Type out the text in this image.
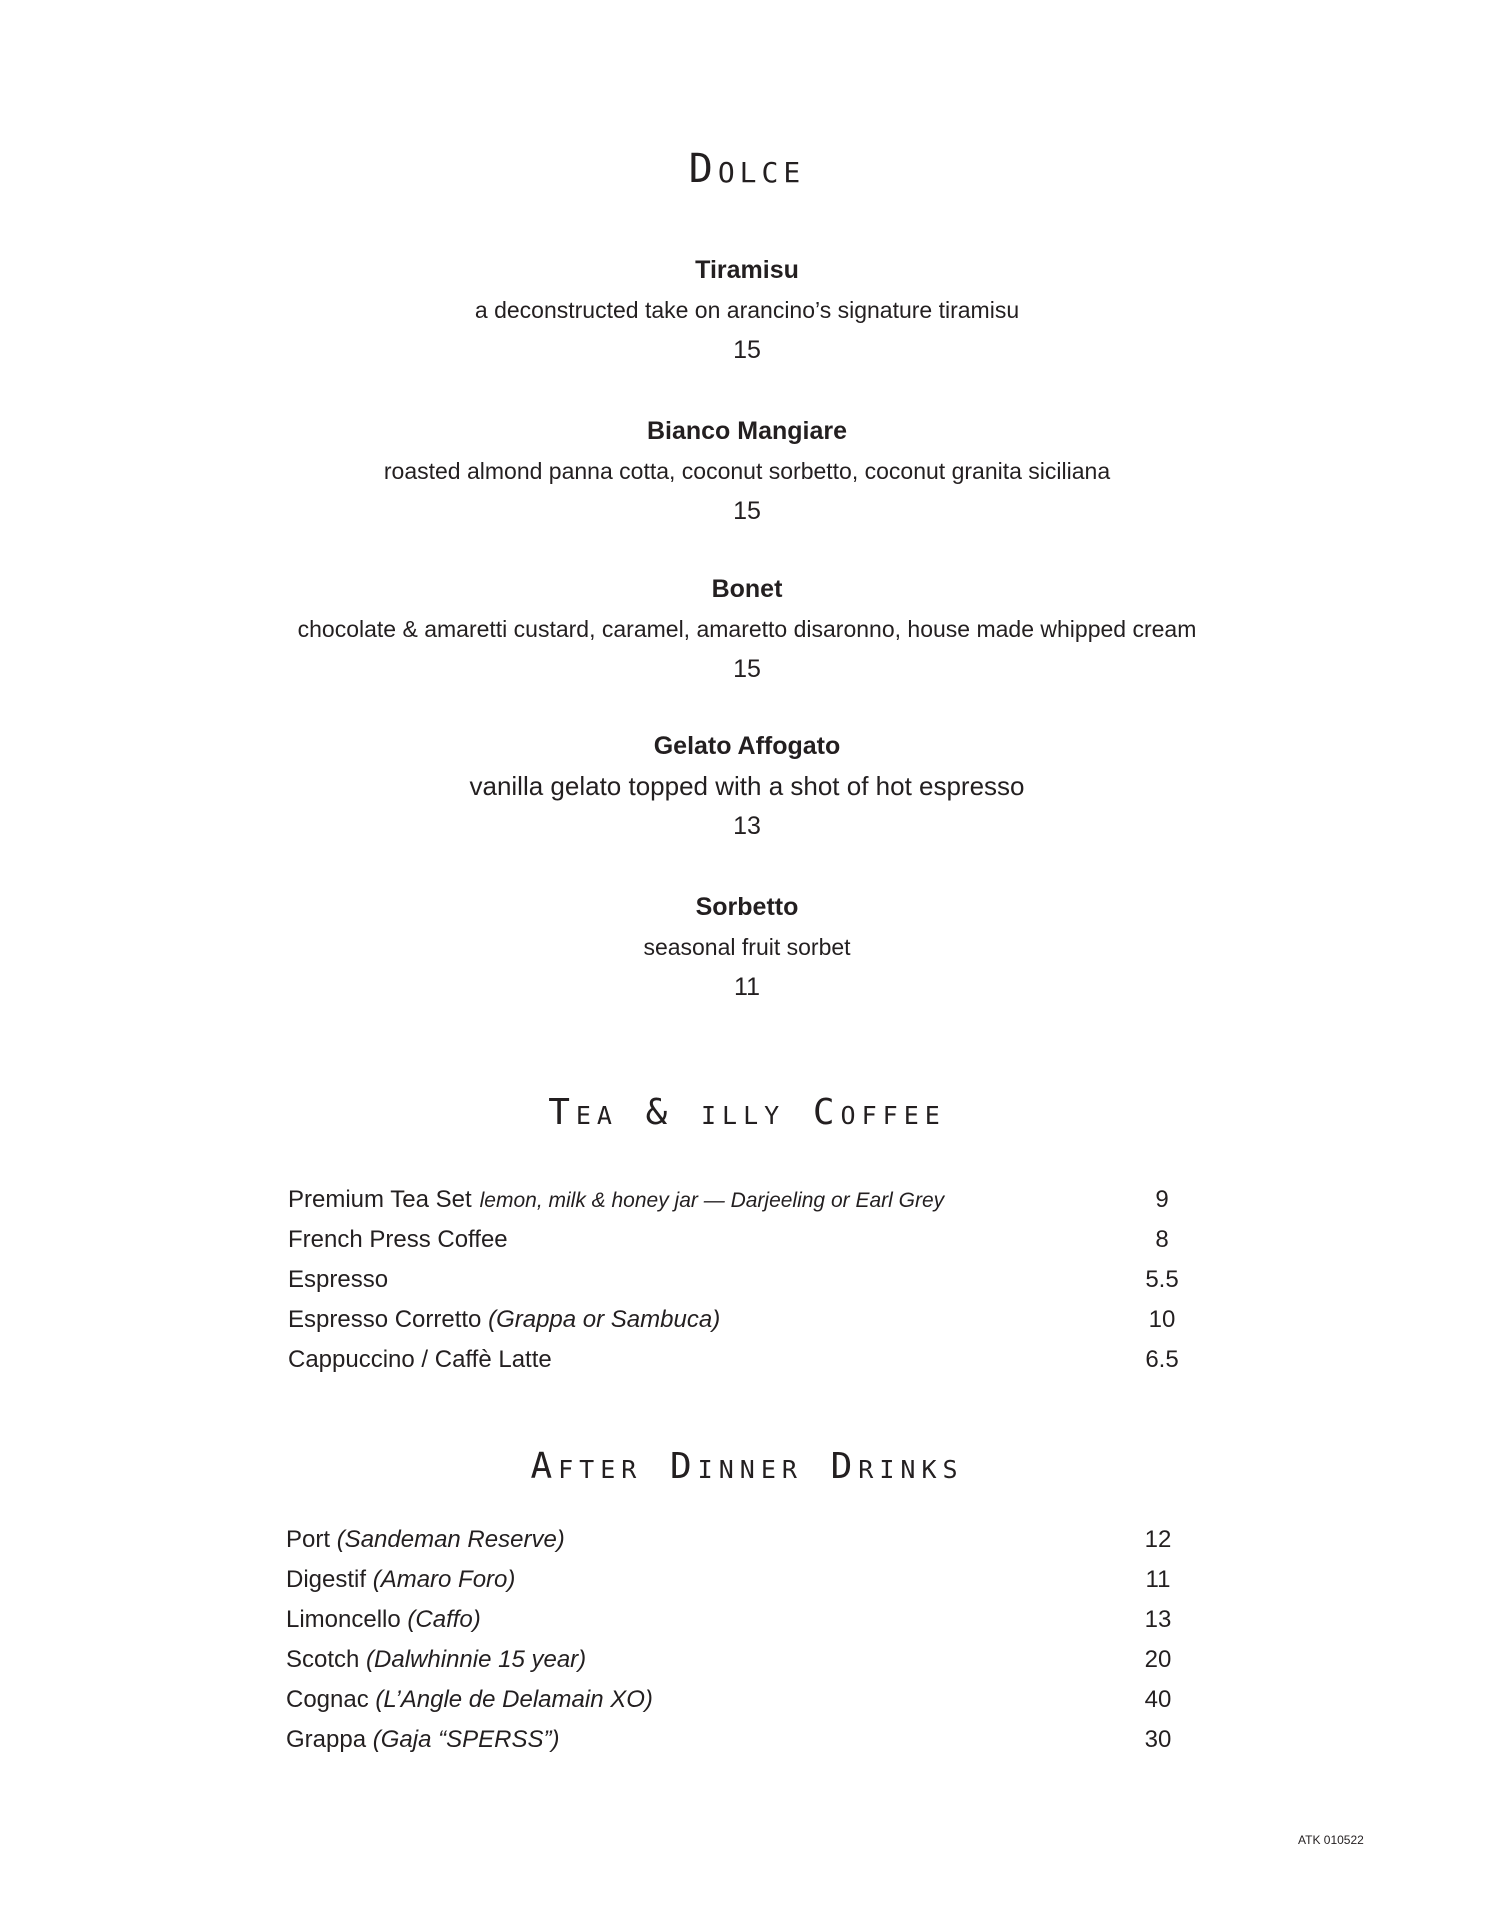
Dolce
Tiramisu
a deconstructed take on arancino’s signature tiramisu
15
Bianco Mangiare
roasted almond panna cotta, coconut sorbetto, coconut granita siciliana
15
Bonet
chocolate & amaretti custard, caramel, amaretto disaronno, house made whipped cream
15
Gelato Affogato
vanilla gelato topped with a shot of hot espresso
13
Sorbetto
seasonal fruit sorbet
11
Tea & illy Coffee
Premium Tea Set lemon, milk & honey jar — Darjeeling or Earl Grey	9
French Press Coffee	8
Espresso	5.5
Espresso Corretto (Grappa or Sambuca)	10
Cappuccino / Caffè Latte	6.5
After Dinner Drinks
Port (Sandeman Reserve)	12
Digestif (Amaro Foro)	11
Limoncello (Caffo)	13
Scotch (Dalwhinnie 15 year)	20
Cognac (L’Angle de Delamain XO)	40
Grappa (Gaja “SPERSS”)	30
ATK 010522
